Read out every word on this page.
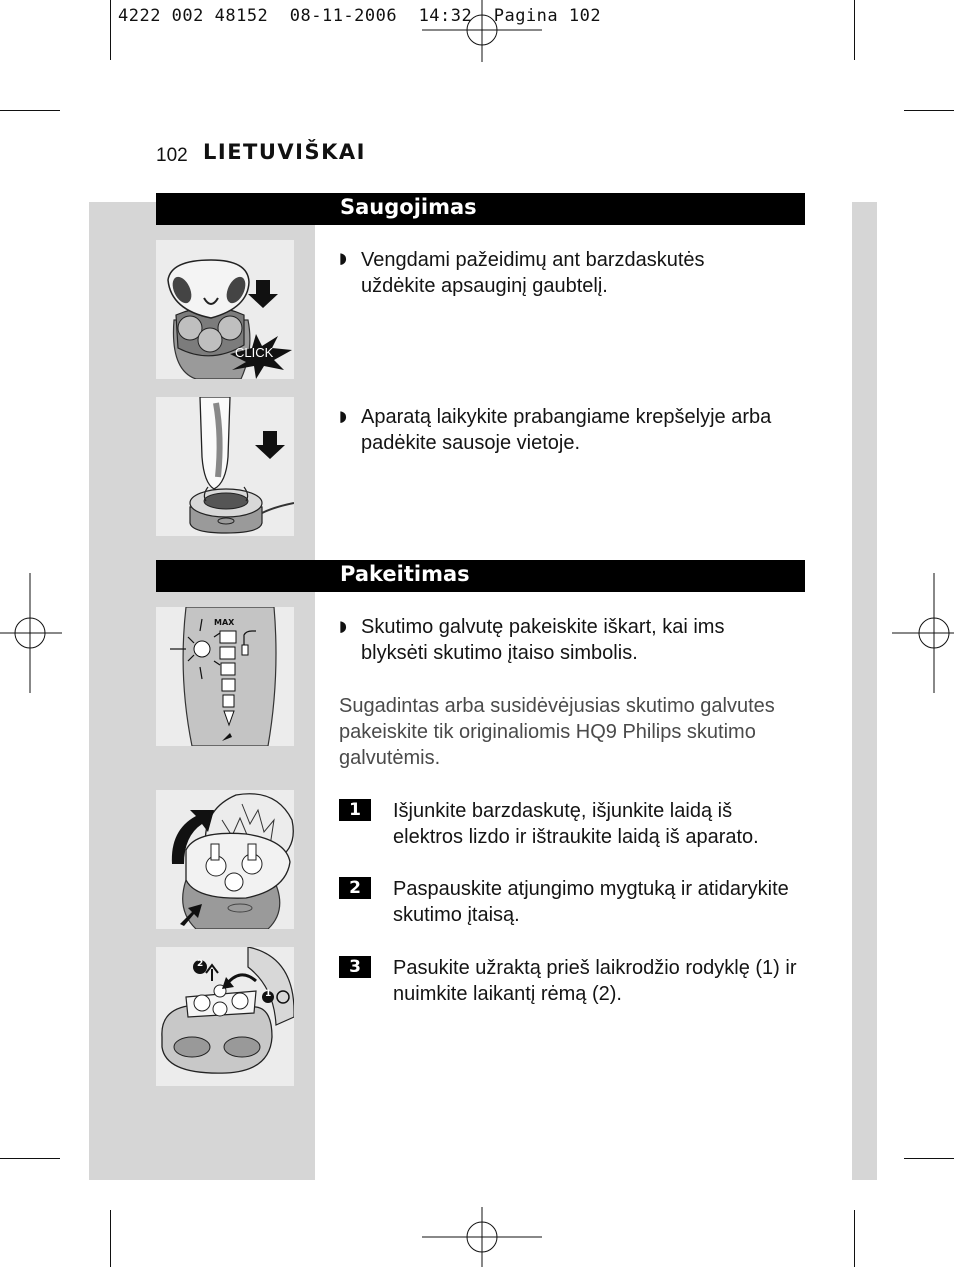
4222 002 48152  08-11-2006  14:32  Pagina 102
102 LIETUVIŠKAI
Saugojimas
CLICK
◗ Vengdami pažeidimų ant barzdaskutės uždėkite apsauginį gaubtelį.
◗ Aparatą laikykite prabangiame krepšelyje arba padėkite sausoje vietoje.
Pakeitimas
MAX	◗ Skutimo galvutę pakeiskite iškart, kai ims blyksėti skutimo įtaiso simbolis.
Sugadintas arba susidėvėjusias skutimo galvutes pakeiskite tik originaliomis HQ9 Philips skutimo galvutėmis.
1	Išjunkite barzdaskutę, išjunkite laidą iš elektros lizdo ir ištraukite laidą iš aparato.
2	Paspauskite atjungimo mygtuką ir atidarykite skutimo įtaisą.
2
1
3	Pasukite užraktą prieš laikrodžio rodyklę (1) ir nuimkite laikantį rėmą (2).
